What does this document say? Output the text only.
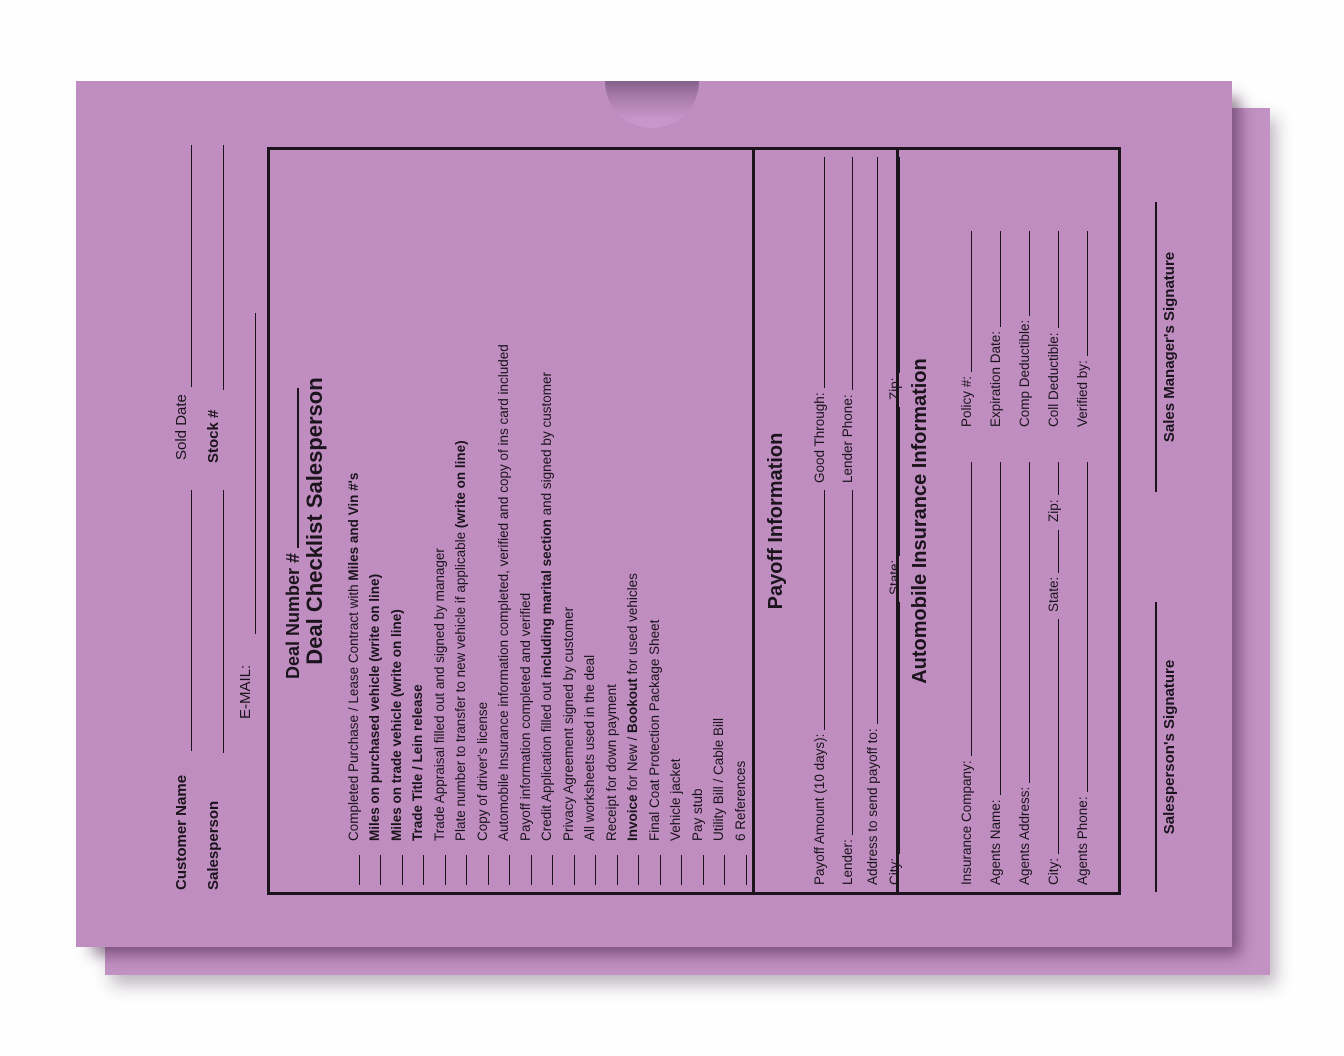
Customer Name
Sold Date
Salesperson
Stock #
E-MAIL:
Deal Number # Deal Checklist Salesperson
Completed Purchase / Lease Contract with Miles and Vin #'s
Miles on purchased vehicle (write on line) Miles on trade vehicle (write on line) Trade Title / Lein release Trade Appraisal filled out and signed by manager Plate number to transfer to new vehicle if applicable (write on line)
Copy of driver's license Automobile Insurance information completed, verified and copy of ins card included Payoff information completed and verified Credit Application filled out including marital section and signed by customer
Privacy Agreement signed by customer All worksheets used in the deal Receipt for down payment Invoice for New / Bookout for used vehicles Final Coat Protection Package Sheet Vehicle jacket Pay stub Utility Bill / Cable Bill 6 References
Payoff Information
Payoff Amount (10 days):
Good Through:
Lender:
Lender Phone:
Address to send payoff to: City:
State:
Zip: Automobile Insurance Information
Insurance Company:
Policy #:
Agents Name:
Expiration Date:
Agents Address:
Comp Deductible:
City:
State:
Zip:
Coll Deductible:
Agents Phone:
Verified by:
Salesperson's Signature
Sales Manager's Signature
